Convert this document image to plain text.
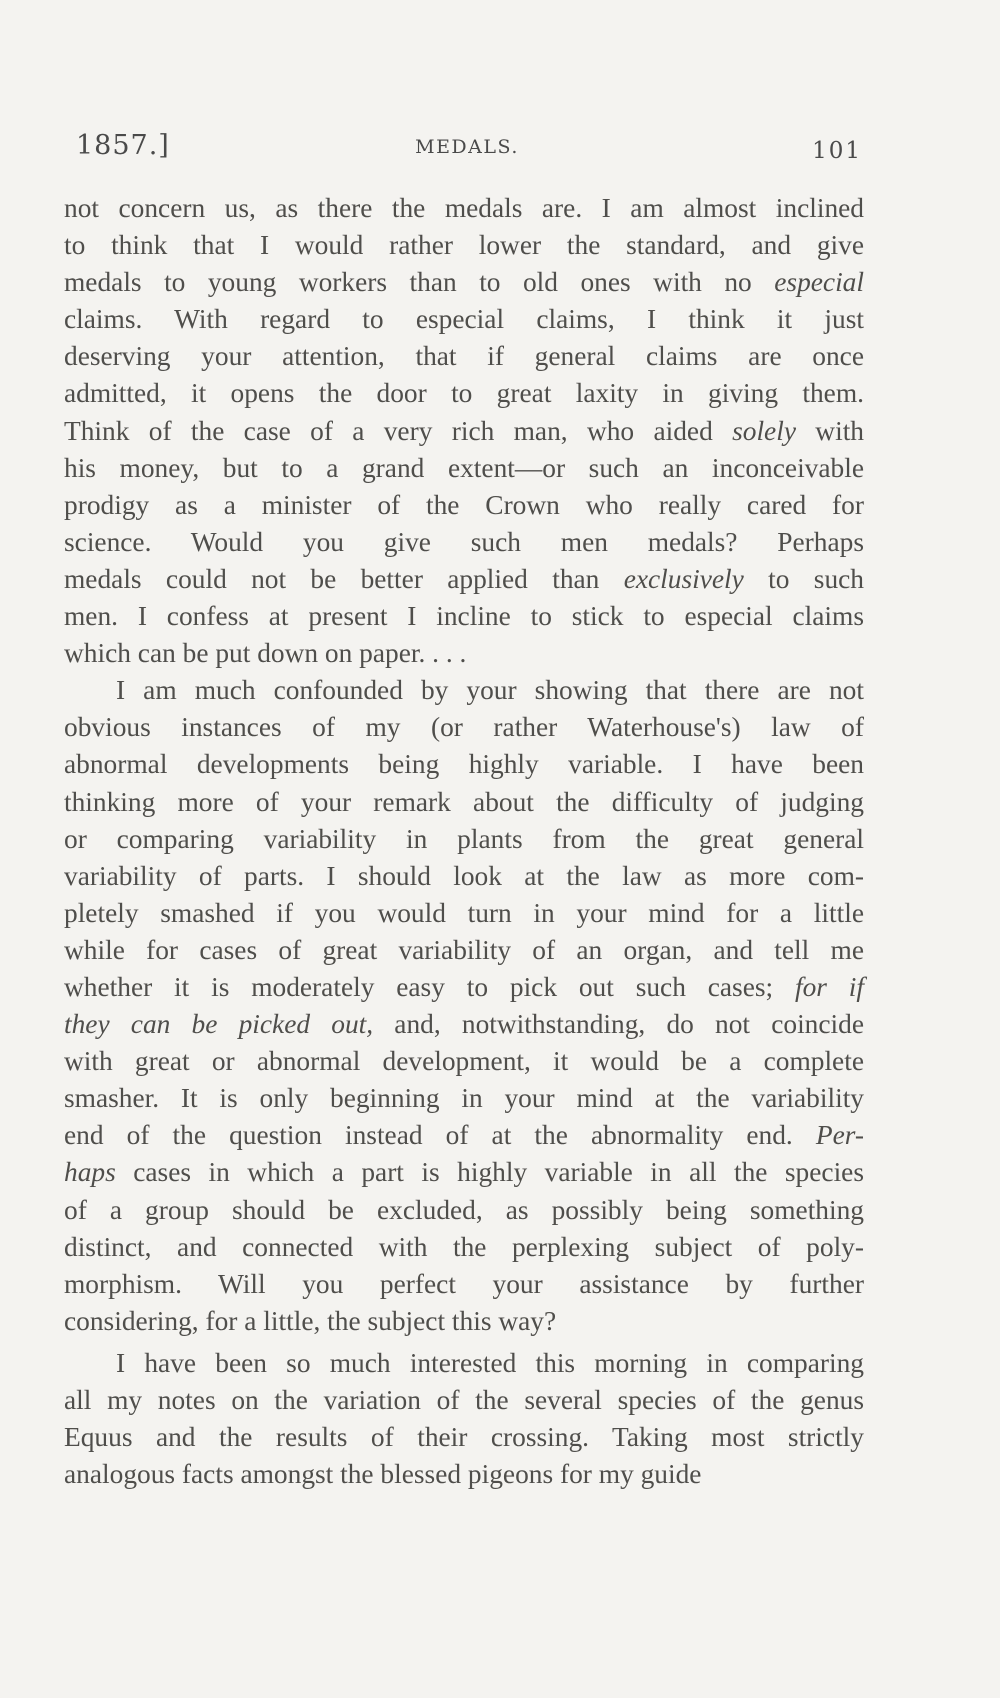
1857.]	MEDALS.	101
not concern us, as there the medals are. I am almost inclined
to think that I would rather lower the standard, and give
medals to young workers than to old ones with no especial
claims. With regard to especial claims, I think it just
deserving your attention, that if general claims are once
admitted, it opens the door to great laxity in giving them.
Think of the case of a very rich man, who aided solely with
his money, but to a grand extent—or such an inconceivable
prodigy as a minister of the Crown who really cared for
science. Would you give such men medals? Perhaps
medals could not be better applied than exclusively to such
men. I confess at present I incline to stick to especial claims
which can be put down on paper. . . .
I am much confounded by your showing that there are not
obvious instances of my (or rather Waterhouse's) law of
abnormal developments being highly variable. I have been
thinking more of your remark about the difficulty of judging
or comparing variability in plants from the great general
variability of parts. I should look at the law as more com-
pletely smashed if you would turn in your mind for a little
while for cases of great variability of an organ, and tell me
whether it is moderately easy to pick out such cases; for if
they can be picked out, and, notwithstanding, do not coincide
with great or abnormal development, it would be a complete
smasher. It is only beginning in your mind at the variability
end of the question instead of at the abnormality end. Per-
haps cases in which a part is highly variable in all the species
of a group should be excluded, as possibly being something
distinct, and connected with the perplexing subject of poly-
morphism. Will you perfect your assistance by further
considering, for a little, the subject this way?
I have been so much interested this morning in comparing
all my notes on the variation of the several species of the genus
Equus and the results of their crossing. Taking most strictly
analogous facts amongst the blessed pigeons for my guide
